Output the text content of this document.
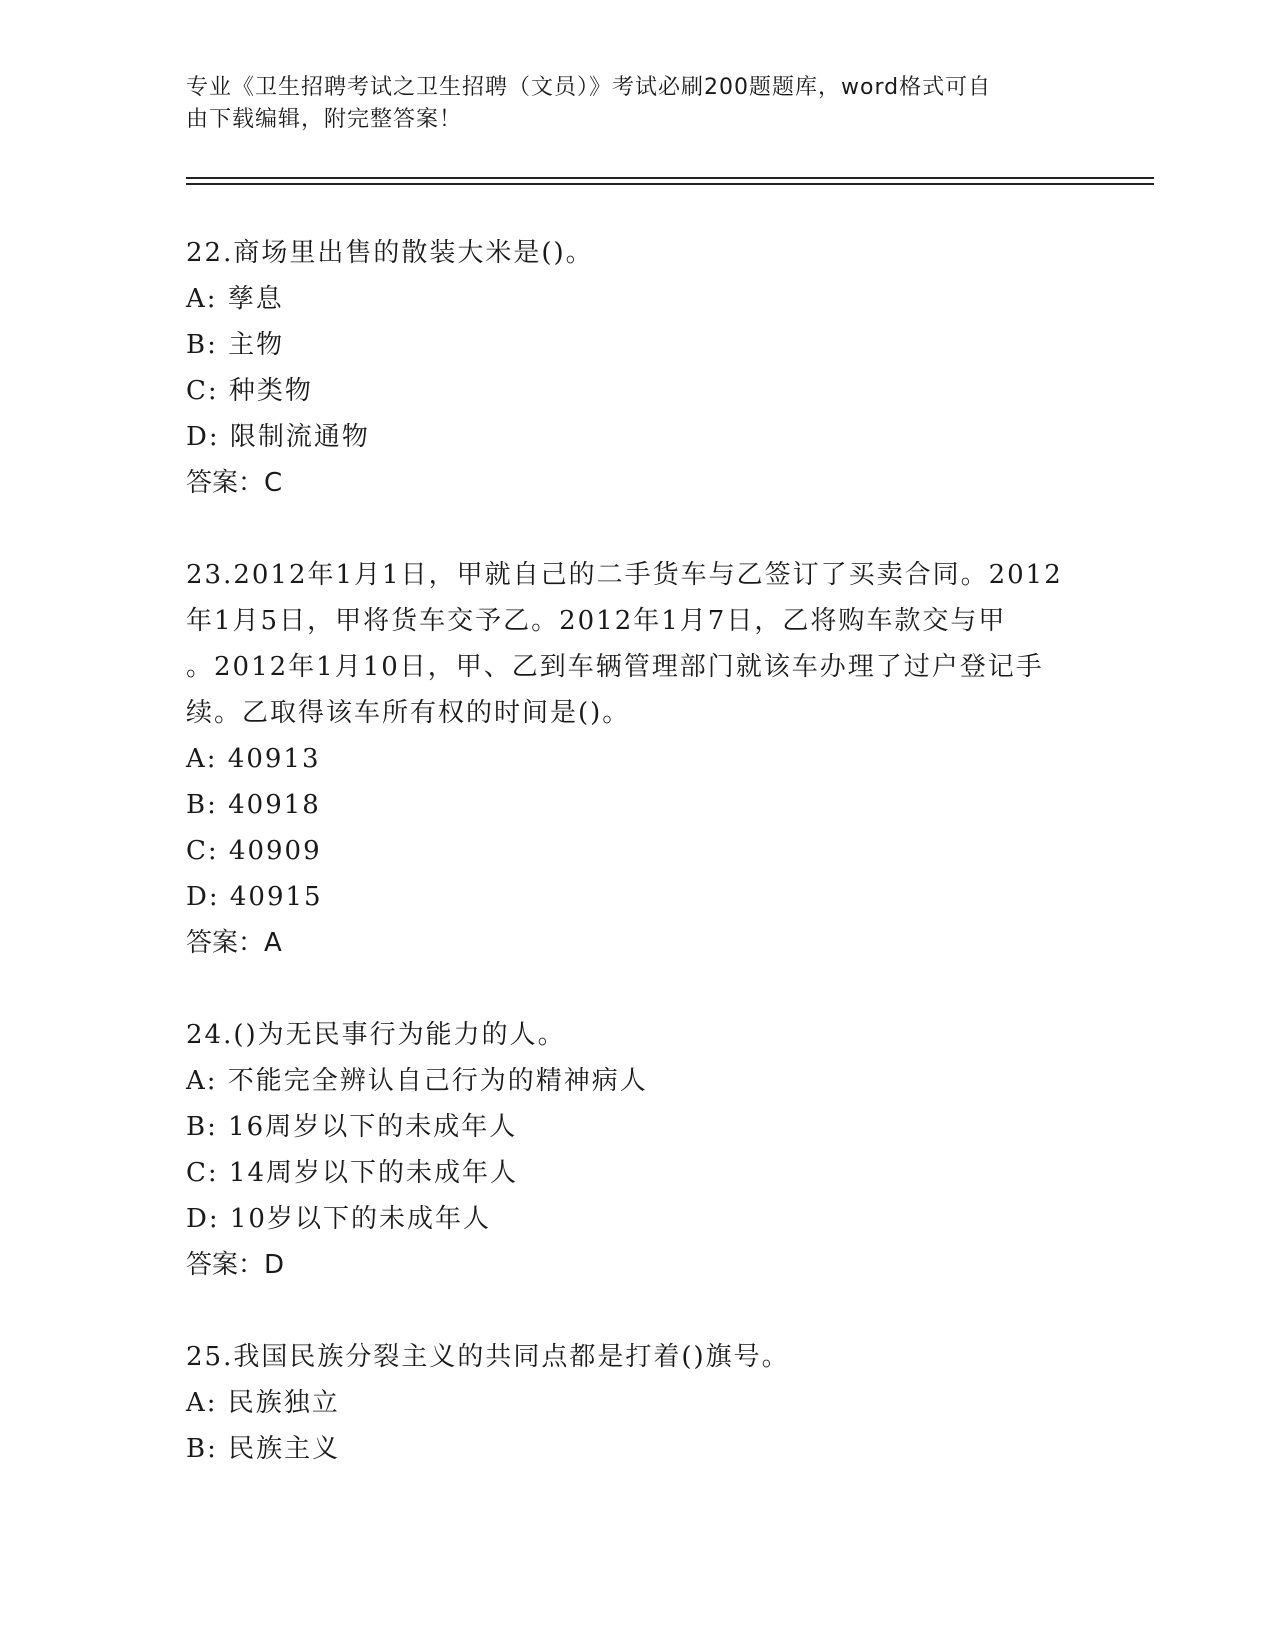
专业《卫生招聘考试之卫生招聘（文员）》考试必刷200题题库，word格式可自
由下载编辑，附完整答案！
22.商场里出售的散装大米是()。
A: 孳息
B: 主物
C: 种类物
D: 限制流通物
答案：C
23.2012年1月1日，甲就自己的二手货车与乙签订了买卖合同。2012
年1月5日，甲将货车交予乙。2012年1月7日，乙将购车款交与甲
。2012年1月10日，甲、乙到车辆管理部门就该车办理了过户登记手
续。乙取得该车所有权的时间是()。
A: 40913
B: 40918
C: 40909
D: 40915
答案：A
24.()为无民事行为能力的人。
A: 不能完全辨认自己行为的精神病人
B: 16周岁以下的未成年人
C: 14周岁以下的未成年人
D: 10岁以下的未成年人
答案：D
25.我国民族分裂主义的共同点都是打着()旗号。
A: 民族独立
B: 民族主义
